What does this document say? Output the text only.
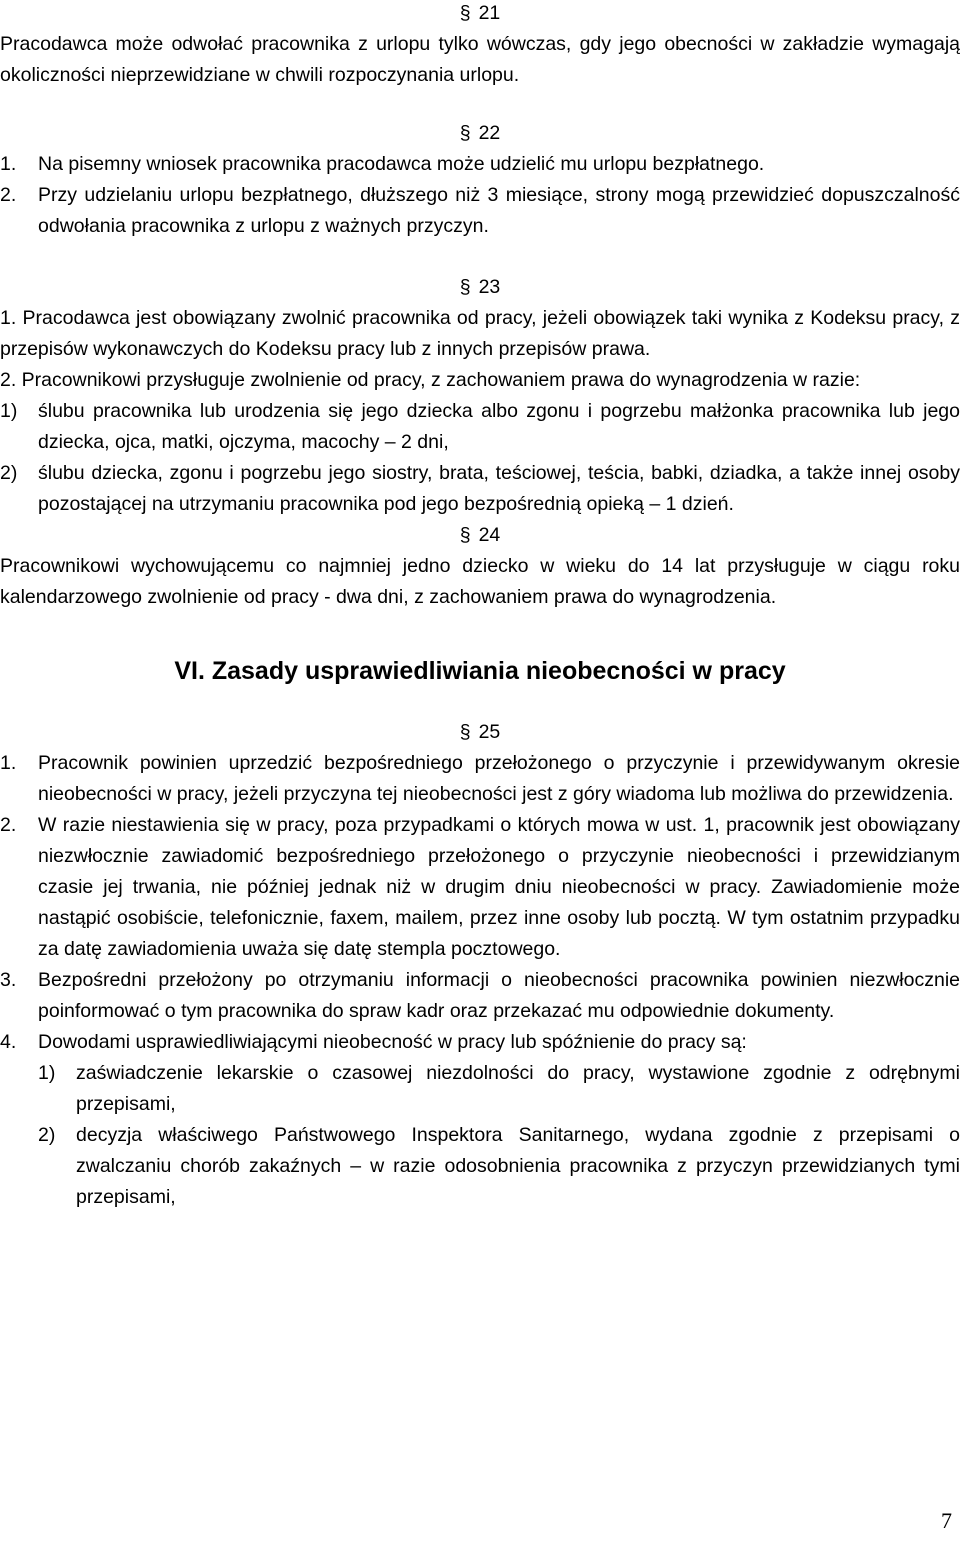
§ 21

Pracodawca może odwołać pracownika z urlopu tylko wówczas, gdy jego obecności w zakładzie wymagają okoliczności nieprzewidziane w chwili rozpoczynania urlopu.

§ 22
1.	Na pisemny wniosek pracownika pracodawca może udzielić mu urlopu bezpłatnego.
2.	Przy udzielaniu urlopu bezpłatnego, dłuższego niż 3 miesiące, strony mogą przewidzieć dopuszczalność odwołania pracownika z urlopu z ważnych przyczyn.
§ 23

1. Pracodawca jest obowiązany zwolnić pracownika od pracy, jeżeli obowiązek taki wynika z Kodeksu pracy, z przepisów wykonawczych do Kodeksu pracy lub z innych przepisów prawa.

2. Pracownikowi przysługuje zwolnienie od pracy, z zachowaniem prawa do wynagrodzenia w razie:

1)	ślubu pracownika lub urodzenia się jego dziecka albo zgonu i pogrzebu małżonka pracownika lub jego dziecka, ojca, matki, ojczyma, macochy – 2 dni,
2)	ślubu dziecka, zgonu i pogrzebu jego siostry, brata, teściowej, teścia, babki, dziadka, a także innej osoby pozostającej na utrzymaniu pracownika pod jego bezpośrednią opieką – 1 dzień.
§ 24

Pracownikowi wychowującemu co najmniej jedno dziecko w wieku do 14 lat przysługuje w ciągu roku kalendarzowego zwolnienie od pracy - dwa dni, z zachowaniem prawa do wynagrodzenia.

VI. Zasady usprawiedliwiania nieobecności w pracy
§ 25
1.	Pracownik powinien uprzedzić bezpośredniego przełożonego o przyczynie i przewidywanym okresie nieobecności w pracy, jeżeli przyczyna tej nieobecności jest z góry wiadoma lub możliwa do przewidzenia.
2.	W razie niestawienia się w pracy, poza przypadkami o których mowa w ust. 1, pracownik jest obowiązany niezwłocznie zawiadomić bezpośredniego przełożonego o przyczynie nieobecności i przewidzianym czasie jej trwania, nie później jednak niż w drugim dniu nieobecności w pracy. Zawiadomienie może nastąpić osobiście, telefonicznie, faxem, mailem, przez inne osoby lub pocztą. W tym ostatnim przypadku za datę zawiadomienia uważa się datę stempla pocztowego.
3.	Bezpośredni przełożony po otrzymaniu informacji o nieobecności pracownika powinien niezwłocznie poinformować o tym pracownika do spraw kadr oraz przekazać mu odpowiednie dokumenty.
4.	Dowodami usprawiedliwiającymi nieobecność w pracy lub spóźnienie do pracy są:
1)	zaświadczenie lekarskie o czasowej niezdolności do pracy, wystawione zgodnie z odrębnymi przepisami,
2)	decyzja właściwego Państwowego Inspektora Sanitarnego, wydana zgodnie z przepisami o zwalczaniu chorób zakaźnych – w razie odosobnienia pracownika z przyczyn przewidzianych tymi przepisami,
7
